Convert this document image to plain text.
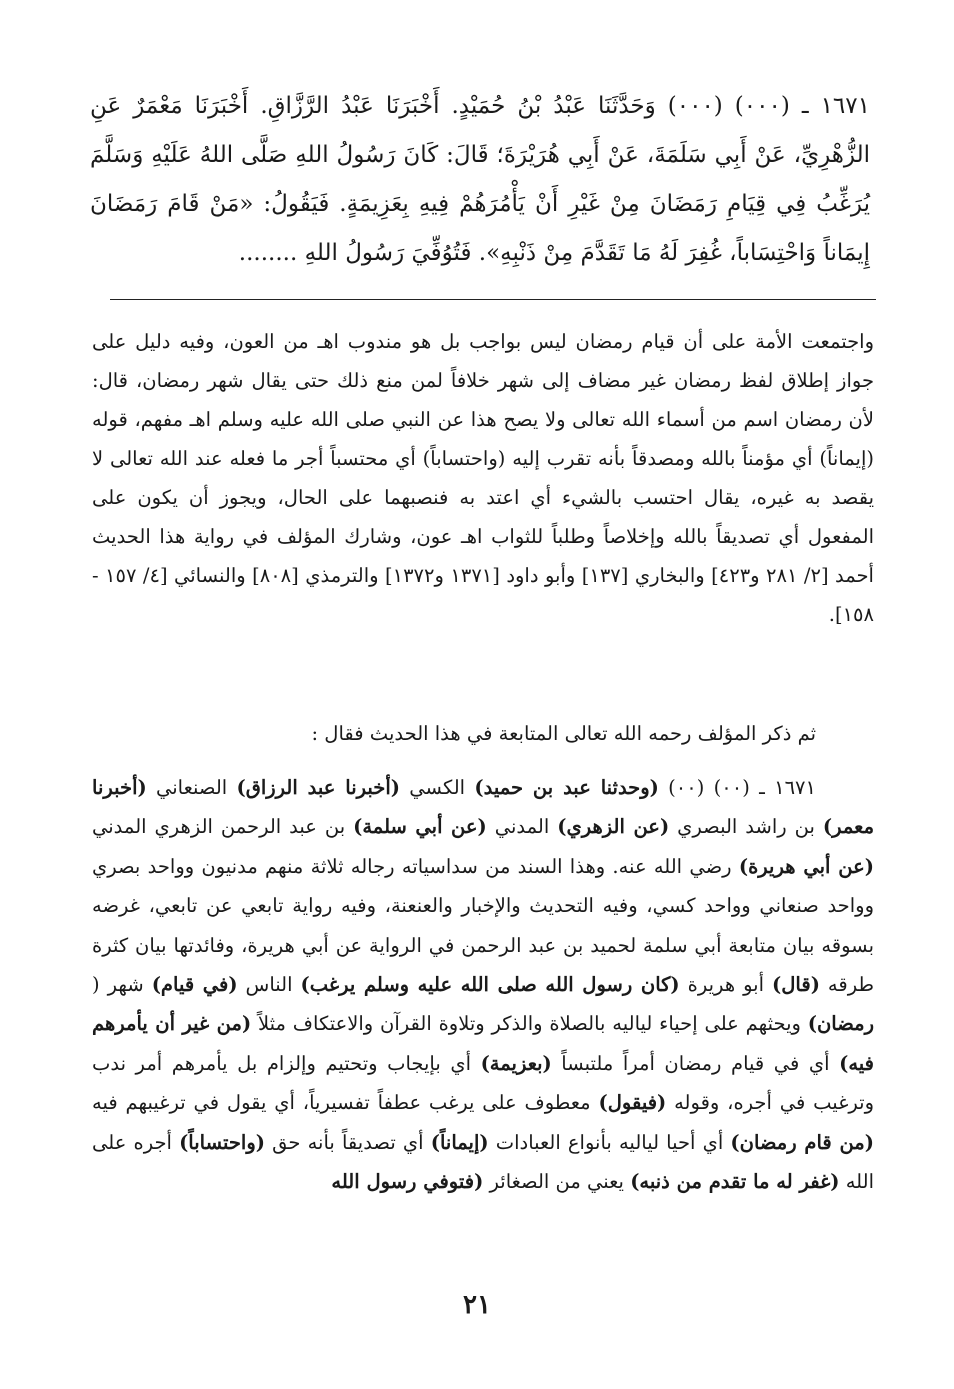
١٦٧١ ـ (٠٠٠) (٠٠٠) وَحَدَّثَنَا عَبْدُ بْنُ حُمَيْدٍ. أَخْبَرَنَا عَبْدُ الرَّزَّاقِ. أَخْبَرَنَا مَعْمَرٌ عَنِ الزُّهْرِيِّ، عَنْ أَبِي سَلَمَةَ، عَنْ أَبِي هُرَيْرَةَ؛ قَالَ: كَانَ رَسُولُ اللهِ صَلَّى اللهُ عَلَيْهِ وَسَلَّمَ يُرَغِّبُ فِي قِيَامِ رَمَضَانَ مِنْ غَيْرِ أَنْ يَأْمُرَهُمْ فِيهِ بِعَزِيمَةٍ. فَيَقُولُ: «مَنْ قَامَ رَمَضَانَ إِيمَاناً وَاحْتِسَاباً، غُفِرَ لَهُ مَا تَقَدَّمَ مِنْ ذَنْبِهِ». فَتُوُفِّيَ رَسُولُ اللهِ ........

واجتمعت الأمة على أن قيام رمضان ليس بواجب بل هو مندوب اهـ من العون، وفيه دليل على جواز إطلاق لفظ رمضان غير مضاف إلى شهر خلافاً لمن منع ذلك حتى يقال شهر رمضان، قال: لأن رمضان اسم من أسماء الله تعالى ولا يصح هذا عن النبي صلى الله عليه وسلم اهـ مفهم، قوله (إيماناً) أي مؤمناً بالله ومصدقاً بأنه تقرب إليه (واحتساباً) أي محتسباً أجر ما فعله عند الله تعالى لا يقصد به غيره، يقال احتسب بالشيء أي اعتد به فنصبهما على الحال، ويجوز أن يكون على المفعول أي تصديقاً بالله وإخلاصاً وطلباً للثواب اهـ عون، وشارك المؤلف في رواية هذا الحديث أحمد [٢/ ٢٨١ و٤٢٣] والبخاري [١٣٧] وأبو داود [١٣٧١ و١٣٧٢] والترمذي [٨٠٨] والنسائي [٤/ ١٥٧ - ١٥٨].

ثم ذكر المؤلف رحمه الله تعالى المتابعة في هذا الحديث فقال :

١٦٧١ ـ (٠٠) (٠٠) (وحدثنا عبد بن حميد) الكسي (أخبرنا عبد الرزاق) الصنعاني (أخبرنا معمر) بن راشد البصري (عن الزهري) المدني (عن أبي سلمة) بن عبد الرحمن الزهري المدني (عن أبي هريرة) رضي الله عنه. وهذا السند من سداسياته رجاله ثلاثة منهم مدنيون وواحد بصري وواحد صنعاني وواحد كسي، وفيه التحديث والإخبار والعنعنة، وفيه رواية تابعي عن تابعي، غرضه بسوقه بيان متابعة أبي سلمة لحميد بن عبد الرحمن في الرواية عن أبي هريرة، وفائدتها بيان كثرة طرقه (قال) أبو هريرة (كان رسول الله صلى الله عليه وسلم يرغب) الناس (في قيام) شهر ( رمضان) ويحثهم على إحياء لياليه بالصلاة والذكر وتلاوة القرآن والاعتكاف مثلاً (من غير أن يأمرهم فيه) أي في قيام رمضان أمراً ملتبساً (بعزيمة) أي بإيجاب وتحتيم وإلزام بل يأمرهم أمر ندب وترغيب في أجره، وقوله (فيقول) معطوف على يرغب عطفاً تفسيرياً، أي يقول في ترغيبهم فيه (من قام رمضان) أي أحيا لياليه بأنواع العبادات (إيماناً) أي تصديقاً بأنه حق (واحتساباً) أجره على الله (غفر له ما تقدم من ذنبه) يعني من الصغائر (فتوفي رسول الله

٢١
